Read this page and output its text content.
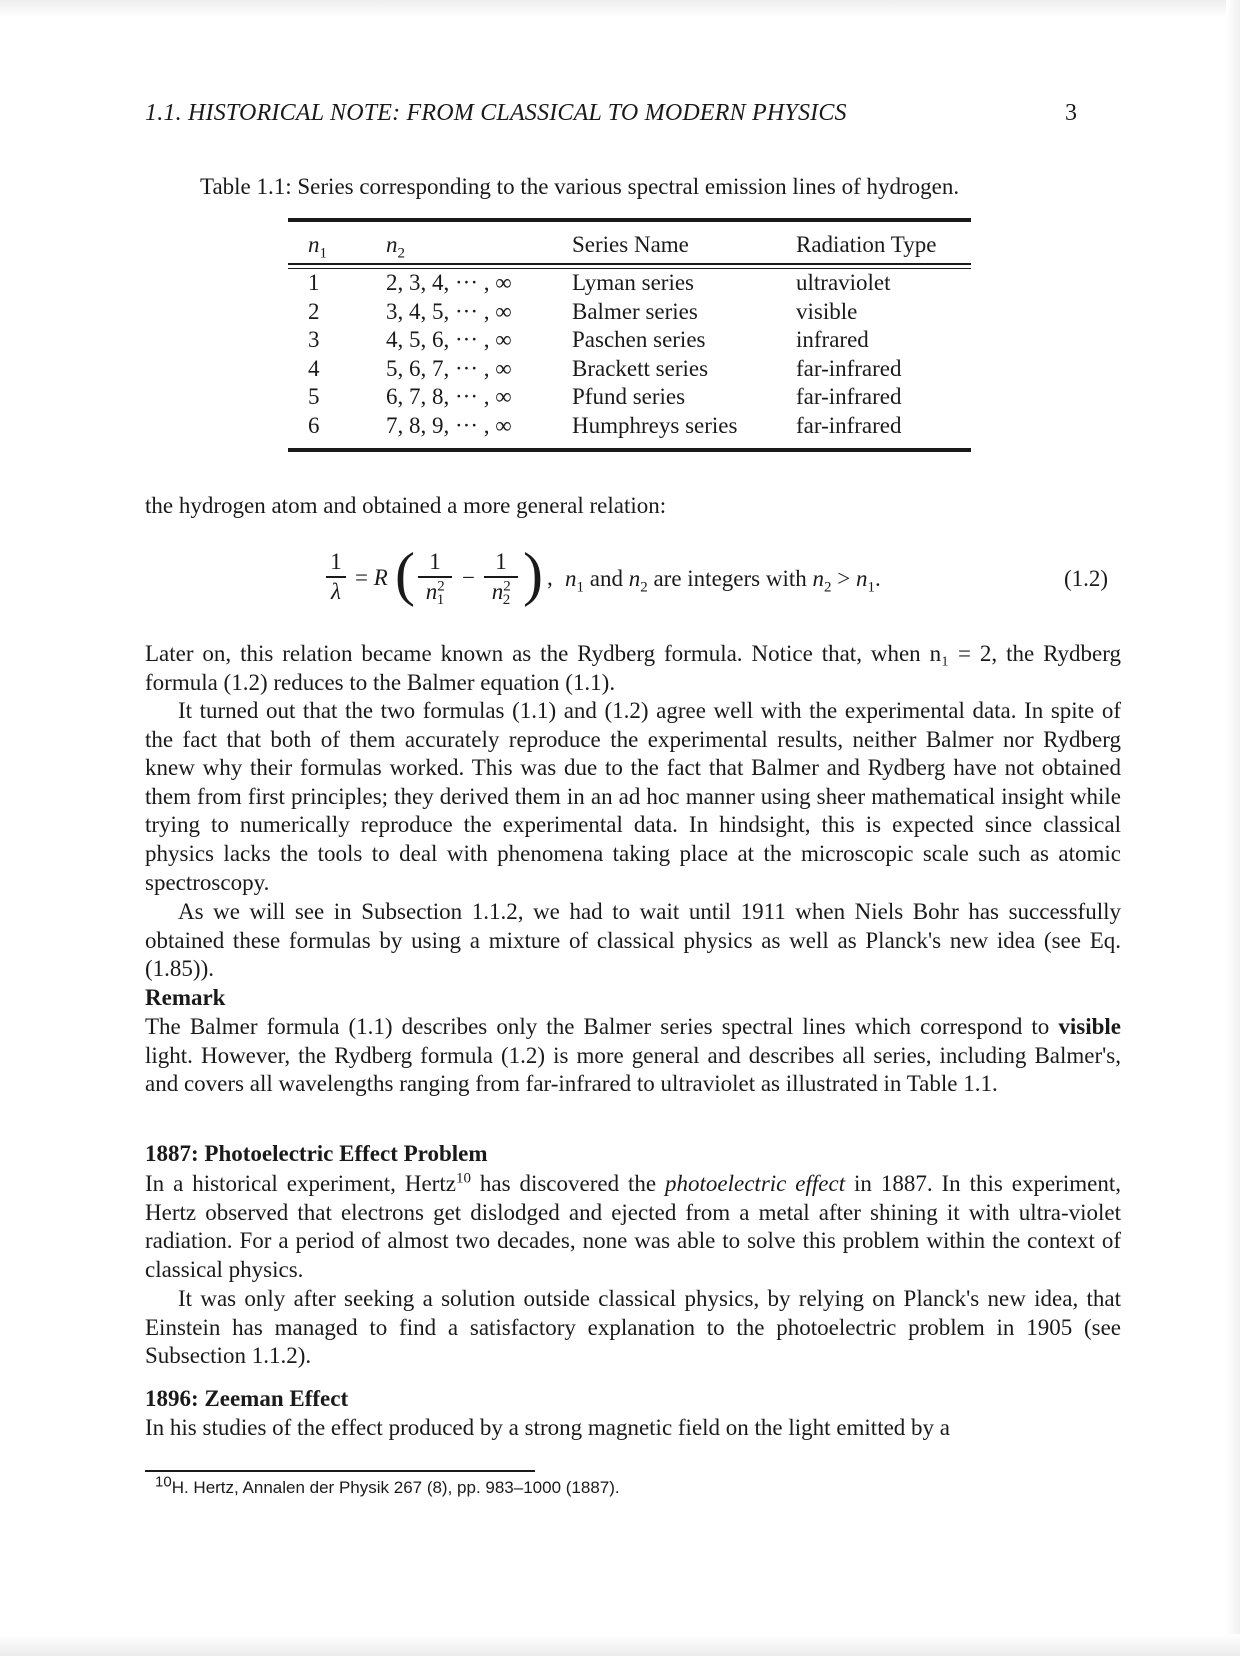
1.1. HISTORICAL NOTE: FROM CLASSICAL TO MODERN PHYSICS	3
Table 1.1: Series corresponding to the various spectral emission lines of hydrogen.
$n_1$	$n_2$	Series Name	Radiation Type
1	2, 3, 4, ··· , ∞	Lyman series	ultraviolet
2	3, 4, 5, ··· , ∞	Balmer series	visible
3	4, 5, 6, ··· , ∞	Paschen series	infrared
4	5, 6, 7, ··· , ∞	Brackett series	far-infrared
5	6, 7, 8, ··· , ∞	Pfund series	far-infrared
6	7, 8, 9, ··· , ∞	Humphreys series	far-infrared

the hydrogen atom and obtained a more general relation:

1
λ
= R ( 1
$n^2_1$
−
1
$n^2_2$ ) , $n_1$ and $n_2$ are integers with $n_2 > n_1$.	(1.2)

Later on, this relation became known as the Rydberg formula. Notice that, when n₁ = 2, the Rydberg formula (1.2) reduces to the Balmer equation (1.1).

It turned out that the two formulas (1.1) and (1.2) agree well with the experimental data. In spite of the fact that both of them accurately reproduce the experimental results, neither Balmer nor Rydberg knew why their formulas worked. This was due to the fact that Balmer and Rydberg have not obtained them from first principles; they derived them in an ad hoc manner using sheer mathematical insight while trying to numerically reproduce the experimental data. In hindsight, this is expected since classical physics lacks the tools to deal with phenomena taking place at the microscopic scale such as atomic spectroscopy.

As we will see in Subsection 1.1.2, we had to wait until 1911 when Niels Bohr has successfully obtained these formulas by using a mixture of classical physics as well as Planck's new idea (see Eq. (1.85)).

Remark

The Balmer formula (1.1) describes only the Balmer series spectral lines which correspond to visible light. However, the Rydberg formula (1.2) is more general and describes all series, including Balmer's, and covers all wavelengths ranging from far-infrared to ultraviolet as illustrated in Table 1.1.

1887: Photoelectric Effect Problem

In a historical experiment, Hertz$^{10}$ has discovered the photoelectric effect in 1887. In this experiment, Hertz observed that electrons get dislodged and ejected from a metal after shining it with ultra-violet radiation. For a period of almost two decades, none was able to solve this problem within the context of classical physics.

It was only after seeking a solution outside classical physics, by relying on Planck's new idea, that Einstein has managed to find a satisfactory explanation to the photoelectric problem in 1905 (see Subsection 1.1.2).

1896: Zeeman Effect

In his studies of the effect produced by a strong magnetic field on the light emitted by a

$^{10}$H. Hertz, Annalen der Physik 267 (8), pp. 983–1000 (1887).
